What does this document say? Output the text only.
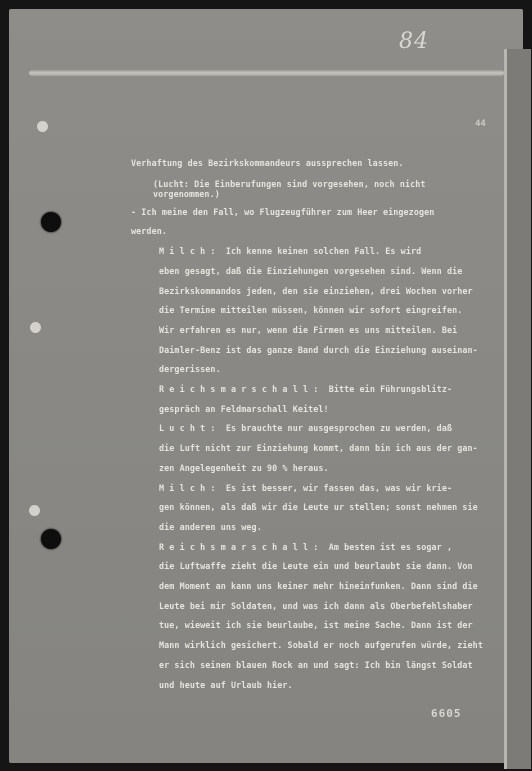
84
44

Verhaftung des Bezirkskommandeurs aussprechen lassen.

(Lucht: Die Einberufungen sind vorgesehen, noch nicht
vorgenommen.)

- Ich meine den Fall, wo Flugzeugführer zum Heer eingezogen
werden.

M i l c h :  Ich kenne keinen solchen Fall. Es wird
eben gesagt, daß die Einziehungen vorgesehen sind. Wenn die
Bezirkskommandos jeden, den sie einziehen, drei Wochen vorher
die Termine mitteilen müssen, können wir sofort eingreifen.
Wir erfahren es nur, wenn die Firmen es uns mitteilen. Bei
Daimler-Benz ist das ganze Band durch die Einziehung auseinan-
dergerissen.

R e i c h s m a r s c h a l l :  Bitte ein Führungsblitz-
gespräch an Feldmarschall Keitel!

L u c h t :  Es brauchte nur ausgesprochen zu werden, daß
die Luft nicht zur Einziehung kommt, dann bin ich aus der gan-
zen Angelegenheit zu 90 % heraus.

M i l c h :  Es ist besser, wir fassen das, was wir krie-
gen können, als daß wir die Leute ur stellen; sonst nehmen sie
die anderen uns weg.

R e i c h s m a r s c h a l l :  Am besten ist es sogar ,
die Luftwaffe zieht die Leute ein und beurlaubt sie dann. Von
dem Moment an kann uns keiner mehr hineinfunken. Dann sind die
Leute bei mir Soldaten, und was ich dann als Oberbefehlshaber
tue, wieweit ich sie beurlaube, ist meine Sache. Dann ist der
Mann wirklich gesichert. Sobald er noch aufgerufen würde, zieht
er sich seinen blauen Rock an und sagt: Ich bin längst Soldat
und heute auf Urlaub hier.

6605
